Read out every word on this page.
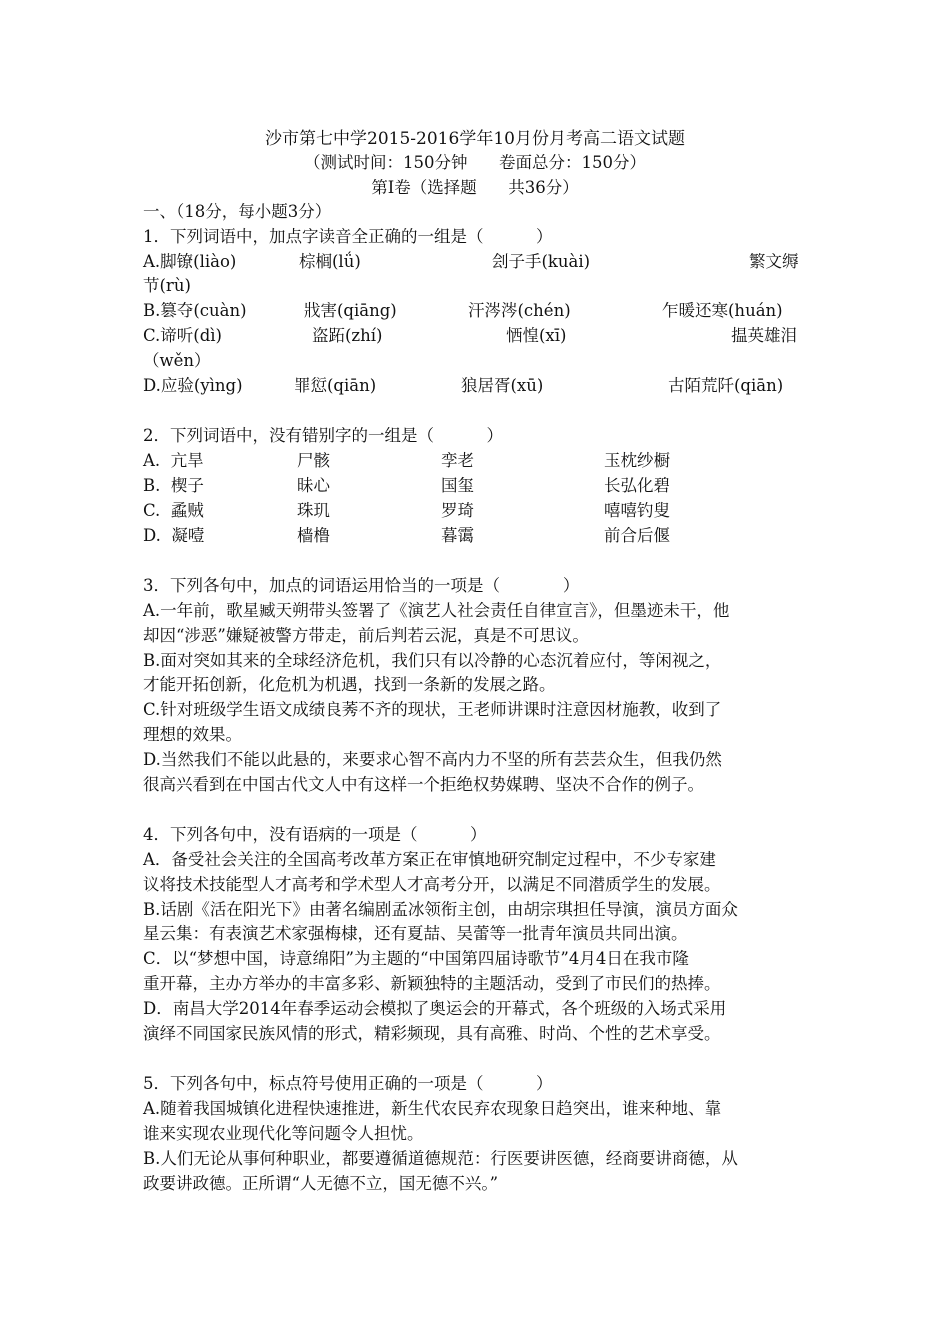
沙市第七中学2015-2016学年10月份月考高二语文试题
（测试时间：150分钟      卷面总分：150分）
第Ⅰ卷（选择题      共36分）
一、（18分，每小题3分）
1．下列词语中，加点字读音全正确的一组是（          ）
A.脚镣(liào)	棕榈(lǘ)	刽子手(kuài)	繁文缛
节(rù)
B.篡夺(cuàn)	戕害(qiāng)	汗涔涔(chén)	乍暖还寒(huán)
C.谛听(dì)	盗跖(zhí)	恓惶(xī)	揾英雄泪
（wěn）
D.应验(yìng)	罪愆(qiān)	狼居胥(xū)	古陌荒阡(qiān)
2．下列词语中，没有错别字的一组是（          ）
A.  亢旱	尸骸	孪老	玉枕纱橱
B.  楔子	昧心	国玺	长弘化碧
C.  蟊贼	珠玑	罗琦	嘻嘻钓叟
D.  凝噎	樯橹	暮霭	前合后偃
3．下列各句中，加点的词语运用恰当的一项是（            ）
A.一年前，歌星臧天朔带头签署了《演艺人社会责任自律宣言》，但墨迹未干，他
却因“涉恶”嫌疑被警方带走，前后判若云泥，真是不可思议。
B.面对突如其来的全球经济危机，我们只有以冷静的心态沉着应付，等闲视之，
才能开拓创新，化危机为机遇，找到一条新的发展之路。
C.针对班级学生语文成绩良莠不齐的现状，王老师讲课时注意因材施教，收到了
理想的效果。
D.当然我们不能以此悬的，来要求心智不高内力不坚的所有芸芸众生，但我仍然
很高兴看到在中国古代文人中有这样一个拒绝权势媒聘、坚决不合作的例子。
4．下列各句中，没有语病的一项是（          ）
A．备受社会关注的全国高考改革方案正在审慎地研究制定过程中，不少专家建
议将技术技能型人才高考和学术型人才高考分开，以满足不同潜质学生的发展。
B.话剧《活在阳光下》由著名编剧孟冰领衔主创，由胡宗琪担任导演，演员方面众
星云集：有表演艺术家强梅棣，还有夏喆、吴蕾等一批青年演员共同出演。
C．以“梦想中国，诗意绵阳”为主题的“中国第四届诗歌节”4月4日在我市隆
重开幕，主办方举办的丰富多彩、新颖独特的主题活动，受到了市民们的热捧。
D．南昌大学2014年春季运动会模拟了奥运会的开幕式，各个班级的入场式采用
演绎不同国家民族风情的形式，精彩频现，具有高雅、时尚、个性的艺术享受。
5．下列各句中，标点符号使用正确的一项是（          ）
A.随着我国城镇化进程快速推进，新生代农民弃农现象日趋突出，谁来种地、靠
谁来实现农业现代化等问题令人担忧。
B.人们无论从事何种职业，都要遵循道德规范：行医要讲医德，经商要讲商德，从
政要讲政德。正所谓“人无德不立，国无德不兴。”
